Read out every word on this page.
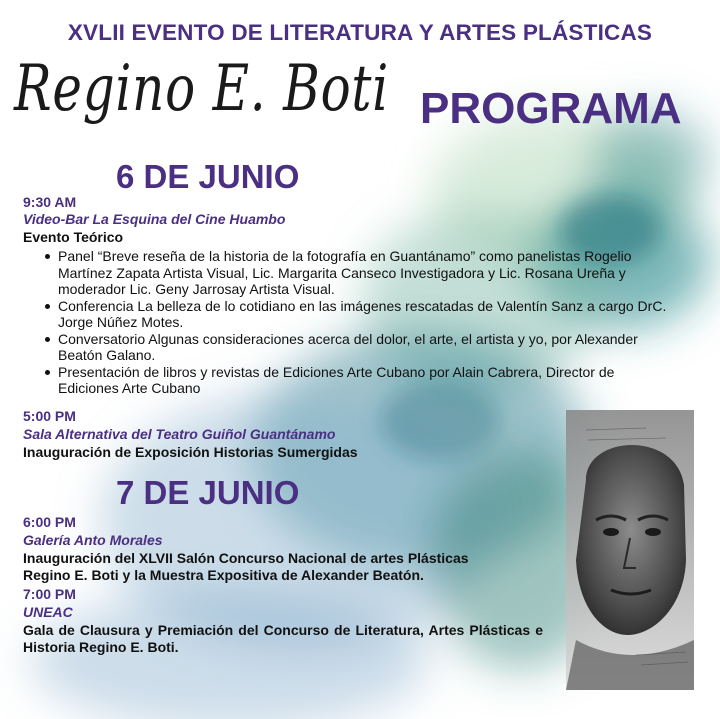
XVLII EVENTO DE LITERATURA Y ARTES PLÁSTICAS
Regino E. Boti PROGRAMA
6 DE JUNIO
9:30 AM
Video-Bar La Esquina del Cine Huambo
Evento Teórico
Panel “Breve reseña de la historia de la fotografía en Guantánamo” como panelistas Rogelio Martínez Zapata Artista Visual, Lic. Margarita Canseco Investigadora y Lic. Rosana Ureña y moderador Lic. Geny Jarrosay Artista Visual.
Conferencia La belleza de lo cotidiano en las imágenes rescatadas de Valentín Sanz a cargo DrC. Jorge Núñez Motes.
Conversatorio Algunas consideraciones acerca del dolor, el arte, el artista y yo, por Alexander Beatón Galano.
Presentación de libros y revistas de Ediciones Arte Cubano por Alain Cabrera, Director de Ediciones Arte Cubano
5:00 PM
Sala Alternativa del Teatro Guiñol Guantánamo
Inauguración de Exposición Historias Sumergidas
7 DE JUNIO
6:00 PM
Galería Anto Morales
Inauguración del XLVII Salón Concurso Nacional de artes Plásticas Regino E. Boti y la Muestra Expositiva de Alexander Beatón.
7:00 PM
UNEAC
Gala de Clausura y Premiación del Concurso de Literatura, Artes Plásticas e Historia Regino E. Boti.
